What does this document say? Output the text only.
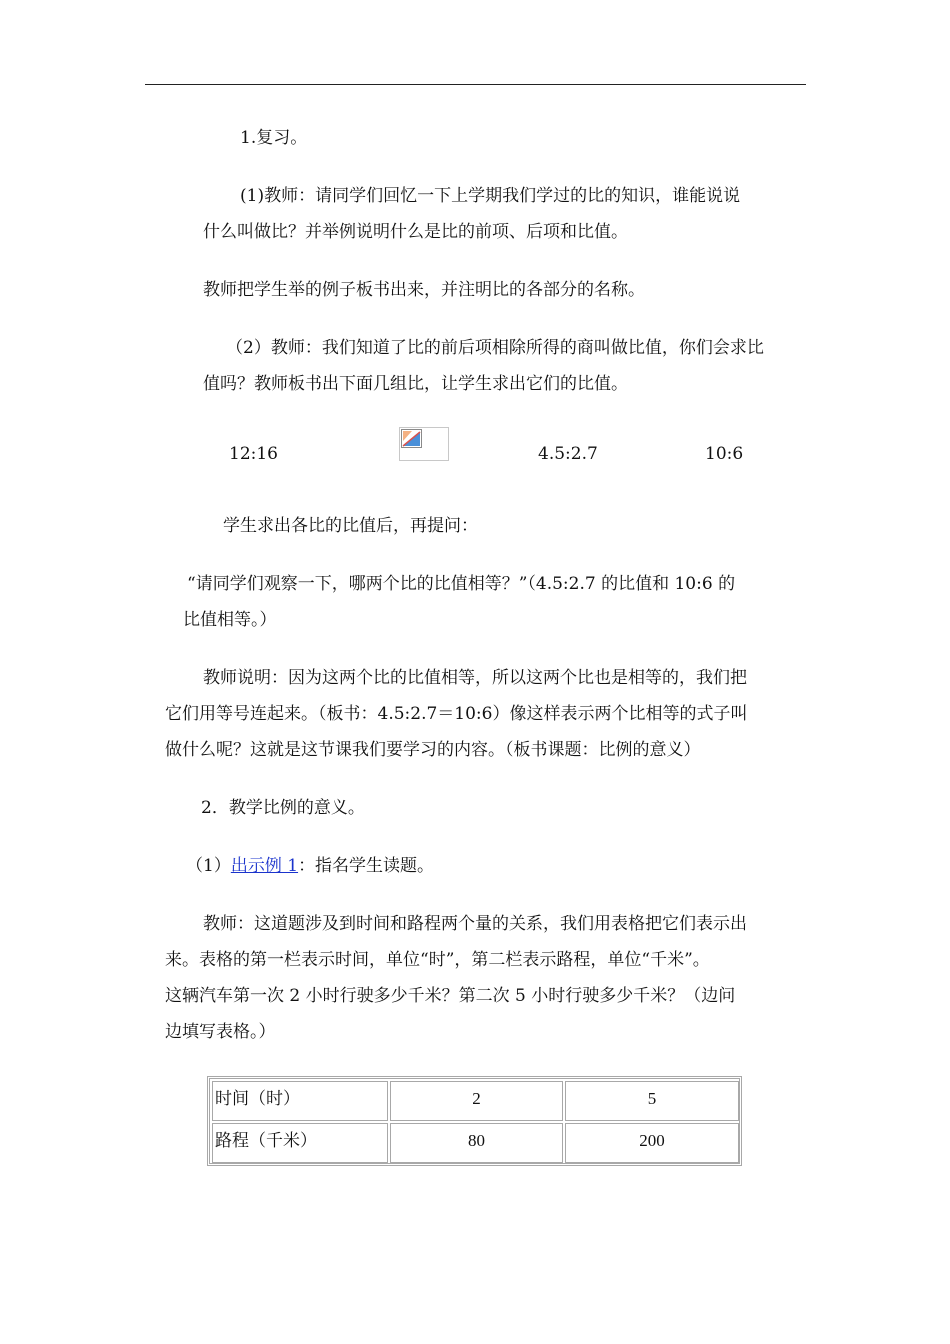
1.复习。
(1)教师：请同学们回忆一下上学期我们学过的比的知识，谁能说说
什么叫做比？并举例说明什么是比的前项、后项和比值。
教师把学生举的例子板书出来，并注明比的各部分的名称。
（2）教师：我们知道了比的前后项相除所得的商叫做比值，你们会求比
值吗？教师板书出下面几组比，让学生求出它们的比值。
12:16	4.5:2.7	10:6
学生求出各比的比值后，再提问：
“请同学们观察一下，哪两个比的比值相等？”（4.5:2.7 的比值和 10:6 的
比值相等。）
教师说明：因为这两个比的比值相等，所以这两个比也是相等的，我们把
它们用等号连起来。（板书：4.5:2.7＝10:6）像这样表示两个比相等的式子叫
做什么呢？这就是这节课我们要学习的内容。（板书课题：比例的意义）
2．教学比例的意义。
（1）出示例 1：指名学生读题。
教师：这道题涉及到时间和路程两个量的关系，我们用表格把它们表示出
来。表格的第一栏表示时间，单位“时”，第二栏表示路程，单位“千米”。
这辆汽车第一次 2 小时行驶多少千米？第二次 5 小时行驶多少千米？（边问
边填写表格。）
时间（时）	2	5
路程（千米）	80	200
